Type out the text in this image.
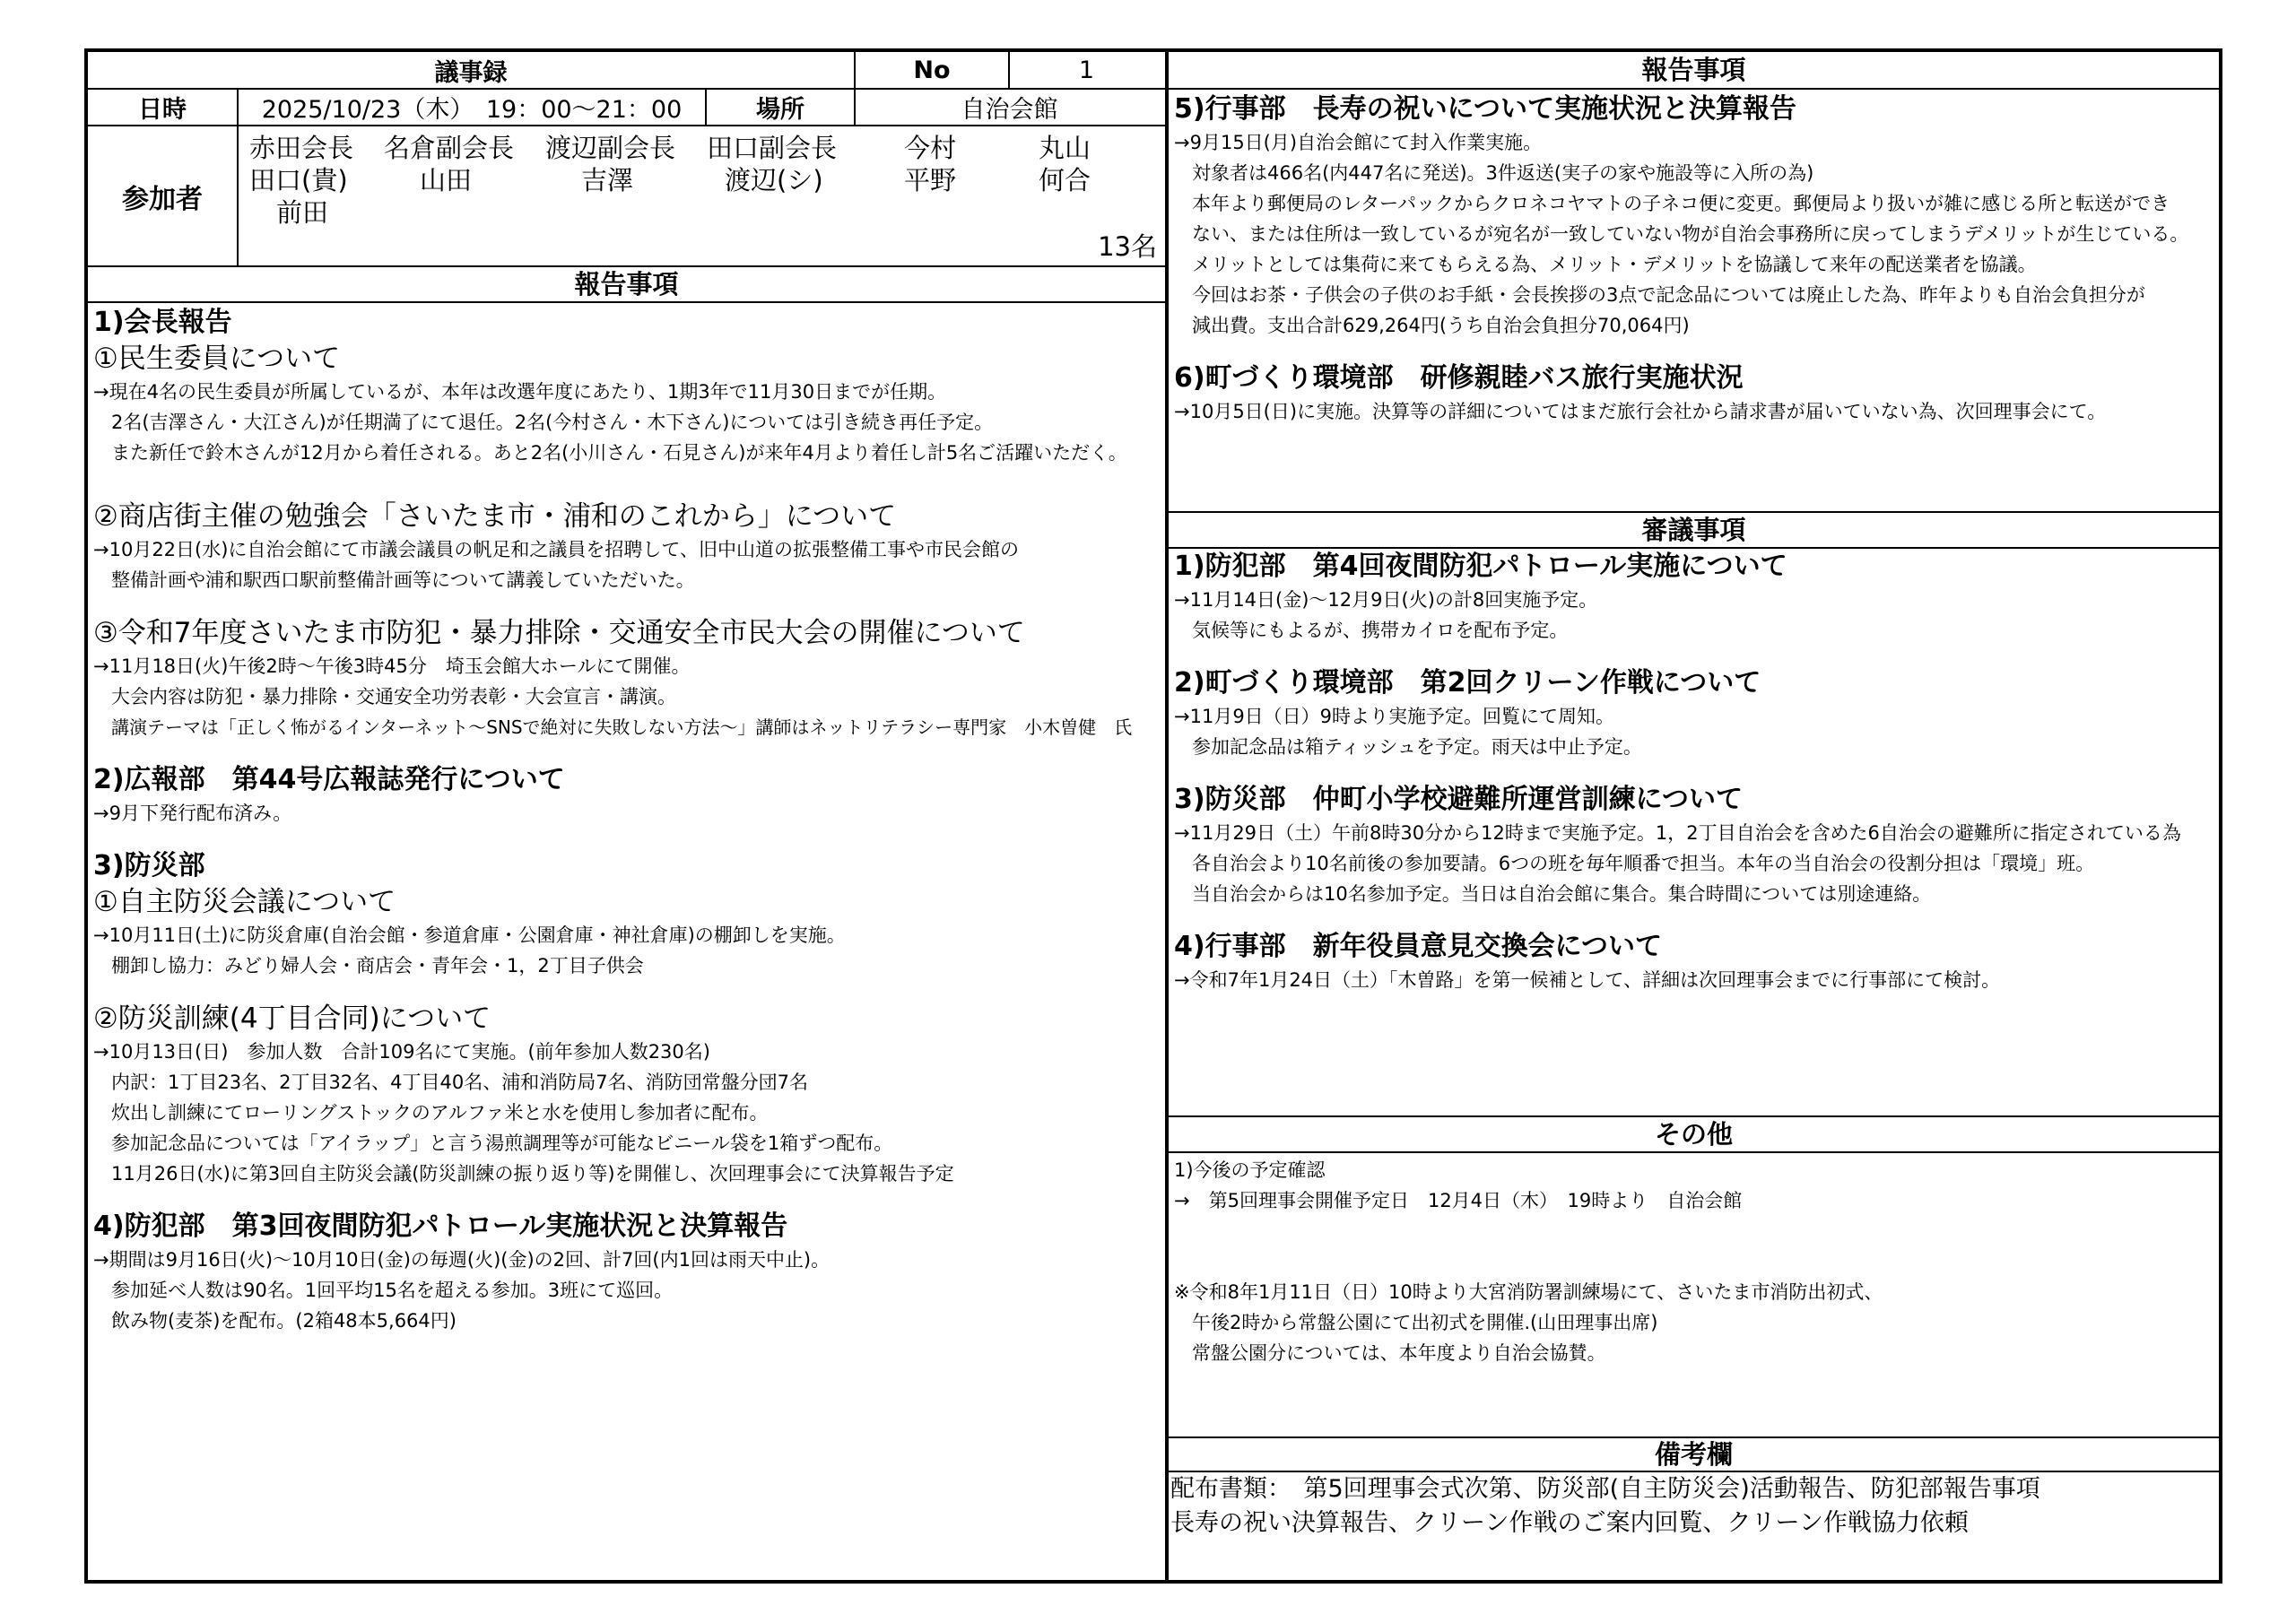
議事録	No	1
日時	2025/10/23（木）　19：00～21：00	場所	自治会館
参加者
赤田会長	名倉副会長	渡辺副会長	田口副会長	今村	丸山
田口(貴)	山田	吉澤	渡辺(シ)	平野	何合
前田
13名
報告事項
1)会長報告
①民生委員について
→現在4名の民生委員が所属しているが、本年は改選年度にあたり、1期3年で11月30日までが任期。
2名(吉澤さん・大江さん)が任期満了にて退任。2名(今村さん・木下さん)については引き続き再任予定。
また新任で鈴木さんが12月から着任される。あと2名(小川さん・石見さん)が来年4月より着任し計5名ご活躍いただく。
②商店街主催の勉強会「さいたま市・浦和のこれから」について
→10月22日(水)に自治会館にて市議会議員の帆足和之議員を招聘して、旧中山道の拡張整備工事や市民会館の
整備計画や浦和駅西口駅前整備計画等について講義していただいた。
③令和7年度さいたま市防犯・暴力排除・交通安全市民大会の開催について
→11月18日(火)午後2時～午後3時45分　埼玉会館大ホールにて開催。
大会内容は防犯・暴力排除・交通安全功労表彰・大会宣言・講演。
講演テーマは「正しく怖がるインターネット～SNSで絶対に失敗しない方法～」講師はネットリテラシー専門家　小木曽健　氏
2)広報部　第44号広報誌発行について
→9月下発行配布済み。
3)防災部
①自主防災会議について
→10月11日(土)に防災倉庫(自治会館・参道倉庫・公園倉庫・神社倉庫)の棚卸しを実施。
棚卸し協力：みどり婦人会・商店会・青年会・1，2丁目子供会
②防災訓練(4丁目合同)について
→10月13日(日)　参加人数　合計109名にて実施。(前年参加人数230名)
内訳：1丁目23名、2丁目32名、4丁目40名、浦和消防局7名、消防団常盤分団7名
炊出し訓練にてローリングストックのアルファ米と水を使用し参加者に配布。
参加記念品については「アイラップ」と言う湯煎調理等が可能なビニール袋を1箱ずつ配布。
11月26日(水)に第3回自主防災会議(防災訓練の振り返り等)を開催し、次回理事会にて決算報告予定
4)防犯部　第3回夜間防犯パトロール実施状況と決算報告
→期間は9月16日(火)～10月10日(金)の毎週(火)(金)の2回、計7回(内1回は雨天中止)。
参加延べ人数は90名。1回平均15名を超える参加。3班にて巡回。
飲み物(麦茶)を配布。(2箱48本5,664円)
報告事項
5)行事部　長寿の祝いについて実施状況と決算報告
→9月15日(月)自治会館にて封入作業実施。
対象者は466名(内447名に発送)。3件返送(実子の家や施設等に入所の為)
本年より郵便局のレターパックからクロネコヤマトの子ネコ便に変更。郵便局より扱いが雑に感じる所と転送ができ
ない、または住所は一致しているが宛名が一致していない物が自治会事務所に戻ってしまうデメリットが生じている。
メリットとしては集荷に来てもらえる為、メリット・デメリットを協議して来年の配送業者を協議。
今回はお茶・子供会の子供のお手紙・会長挨拶の3点で記念品については廃止した為、昨年よりも自治会負担分が
減出費。支出合計629,264円(うち自治会負担分70,064円)
6)町づくり環境部　研修親睦バス旅行実施状況
→10月5日(日)に実施。決算等の詳細についてはまだ旅行会社から請求書が届いていない為、次回理事会にて。
審議事項
1)防犯部　第4回夜間防犯パトロール実施について
→11月14日(金)～12月9日(火)の計8回実施予定。
気候等にもよるが、携帯カイロを配布予定。
2)町づくり環境部　第2回クリーン作戦について
→11月9日（日）9時より実施予定。回覧にて周知。
参加記念品は箱ティッシュを予定。雨天は中止予定。
3)防災部　仲町小学校避難所運営訓練について
→11月29日（土）午前8時30分から12時まで実施予定。1，2丁目自治会を含めた6自治会の避難所に指定されている為
各自治会より10名前後の参加要請。6つの班を毎年順番で担当。本年の当自治会の役割分担は「環境」班。
当自治会からは10名参加予定。当日は自治会館に集合。集合時間については別途連絡。
4)行事部　新年役員意見交換会について
→令和7年1月24日（土）「木曽路」を第一候補として、詳細は次回理事会までに行事部にて検討。
その他
1)今後の予定確認
→　第5回理事会開催予定日　12月4日（木）　19時より　自治会館
※令和8年1月11日（日）10時より大宮消防署訓練場にて、さいたま市消防出初式、
午後2時から常盤公園にて出初式を開催.(山田理事出席)
常盤公園分については、本年度より自治会協賛。
備考欄
配布書類：　第5回理事会式次第、防災部(自主防災会)活動報告、防犯部報告事項
長寿の祝い決算報告、クリーン作戦のご案内回覧、クリーン作戦協力依頼
